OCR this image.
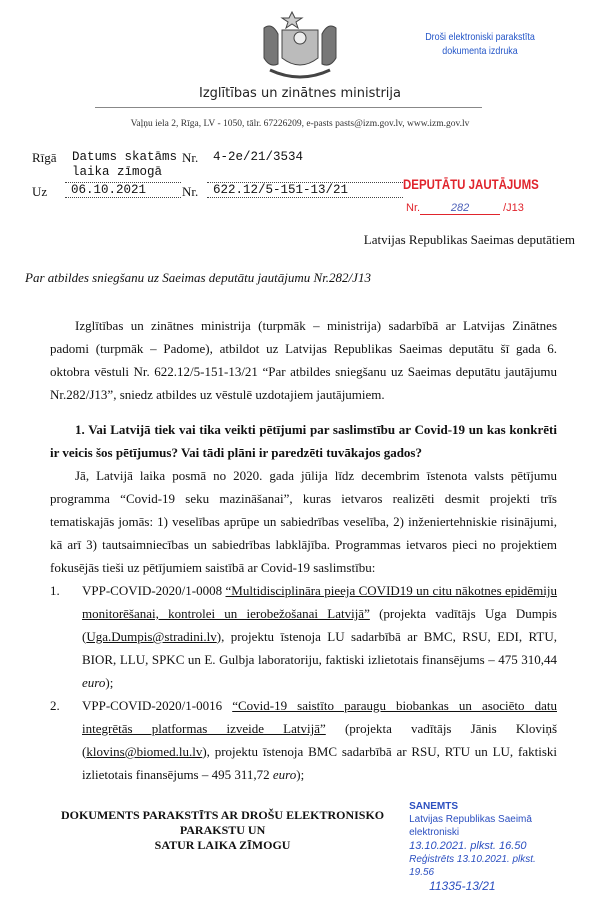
Droši elektroniski parakstīta
dokumenta izdruka
Izglītības un zinātnes ministrija
Vaļņu iela 2, Rīga, LV - 1050, tālr. 67226209, e-pasts pasts@izm.gov.lv, www.izm.gov.lv
Rīgā Datums skatāms
laika zīmogā
Nr. 4-2e/21/3534
Uz	06.10.2021	Nr.	622.12/5-151-13/21	DEPUTĀTU JAUTĀJUMS
Nr.	282	/J13
Latvijas Republikas Saeimas deputātiem
Par atbildes sniegšanu uz Saeimas deputātu jautājumu Nr.282/J13

Izglītības un zinātnes ministrija (turpmāk – ministrija) sadarbībā ar Latvijas Zinātnes padomi (turpmāk – Padome), atbildot uz Latvijas Republikas Saeimas deputātu šī gada 6. oktobra vēstuli Nr. 622.12/5-151-13/21 “Par atbildes sniegšanu uz Saeimas deputātu jautājumu Nr.282/J13”, sniedz atbildes uz vēstulē uzdotajiem jautājumiem.

1. Vai Latvijā tiek vai tika veikti pētījumi par saslimstību ar Covid-19 un kas konkrēti ir veicis šos pētījumus? Vai tādi plāni ir paredzēti tuvākajos gados?

Jā, Latvijā laika posmā no 2020. gada jūlija līdz decembrim īstenota valsts pētījumu programma “Covid-19 seku mazināšanai”, kuras ietvaros realizēti desmit projekti trīs tematiskajās jomās: 1) veselības aprūpe un sabiedrības veselība, 2) inženiertehniskie risinājumi, kā arī 3) tautsaimniecības un sabiedrības labklājība. Programmas ietvaros pieci no projektiem fokusējās tieši uz pētījumiem saistībā ar Covid-19 saslimstību:

1. VPP-COVID-2020/1-0008 “Multidisciplināra pieeja COVID19 un citu nākotnes epidēmiju monitorēšanai, kontrolei un ierobežošanai Latvijā” (projekta vadītājs Uga Dumpis (Uga.Dumpis@stradini.lv), projektu īstenoja LU sadarbībā ar BMC, RSU, EDI, RTU, BIOR, LLU, SPKC un E. Gulbja laboratoriju, faktiski izlietotais finansējums – 475 310,44 euro);
2. VPP-COVID-2020/1-0016 “Covid-19 saistīto paraugu biobankas un asociēto datu integrētās platformas izveide Latvijā” (projekta vadītājs Jānis Kloviņš (klovins@biomed.lu.lv), projektu īstenoja BMC sadarbībā ar RSU, RTU un LU, faktiski izlietotais finansējums – 495 311,72 euro);
DOKUMENTS PARAKSTĪTS AR DROŠU ELEKTRONISKO PARAKSTU UN
SATUR LAIKA ZĪMOGU
SANEMTS
Latvijas Republikas Saeimā elektroniski
13.10.2021. plkst. 16.50
Reģistrēts 13.10.2021. plkst. 19.56
11335-13/21
